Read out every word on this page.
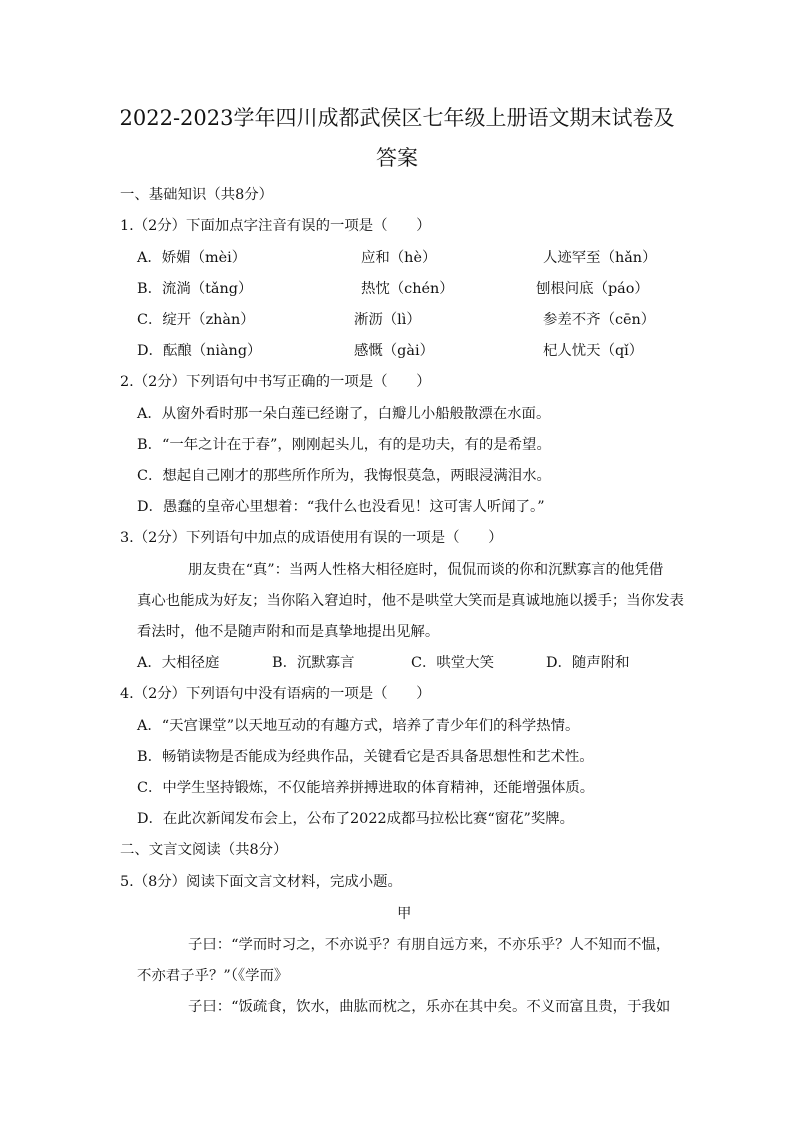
2022-2023学年四川成都武侯区七年级上册语文期末试卷及
答案
一、基础知识（共8分）
1.（2分）下面加点字注音有误的一项是（　　）
A．娇媚（mèi）	应和（hè）	人迹罕至（hǎn）
B．流淌（tǎng）	热忱（chén）	刨根问底（páo）
C．绽开（zhàn）	淅沥（lì）	参差不齐（cēn）
D．酝酿（niàng）	感慨（gài）	杞人忧天（qǐ）
2.（2分）下列语句中书写正确的一项是（　　）
A．从窗外看时那一朵白莲已经谢了，白瓣儿小船般散漂在水面。
B．“一年之计在于春”，刚刚起头儿，有的是功夫，有的是希望。
C．想起自己刚才的那些所作所为，我悔恨莫急，两眼浸满泪水。
D．愚蠢的皇帝心里想着：“我什么也没看见！这可害人听闻了。”
3.（2分）下列语句中加点的成语使用有误的一项是（　　）
朋友贵在“真”：当两人性格大相径庭时，侃侃而谈的你和沉默寡言的他凭借
真心也能成为好友；当你陷入窘迫时，他不是哄堂大笑而是真诚地施以援手；当你发表
看法时，他不是随声附和而是真挚地提出见解。
A．大相径庭	B．沉默寡言	C．哄堂大笑	D．随声附和
4.（2分）下列语句中没有语病的一项是（　　）
A．“天宫课堂”以天地互动的有趣方式，培养了青少年们的科学热情。
B．畅销读物是否能成为经典作品，关键看它是否具备思想性和艺术性。
C．中学生坚持锻炼，不仅能培养拼搏进取的体育精神，还能增强体质。
D．在此次新闻发布会上，公布了2022成都马拉松比赛“窗花”奖牌。
二、文言文阅读（共8分）
5.（8分）阅读下面文言文材料，完成小题。
甲
子曰：“学而时习之，不亦说乎？有朋自远方来，不亦乐乎？人不知而不愠，
不亦君子乎？”（《学而》
子曰：“饭疏食，饮水，曲肱而枕之，乐亦在其中矣。不义而富且贵，于我如
